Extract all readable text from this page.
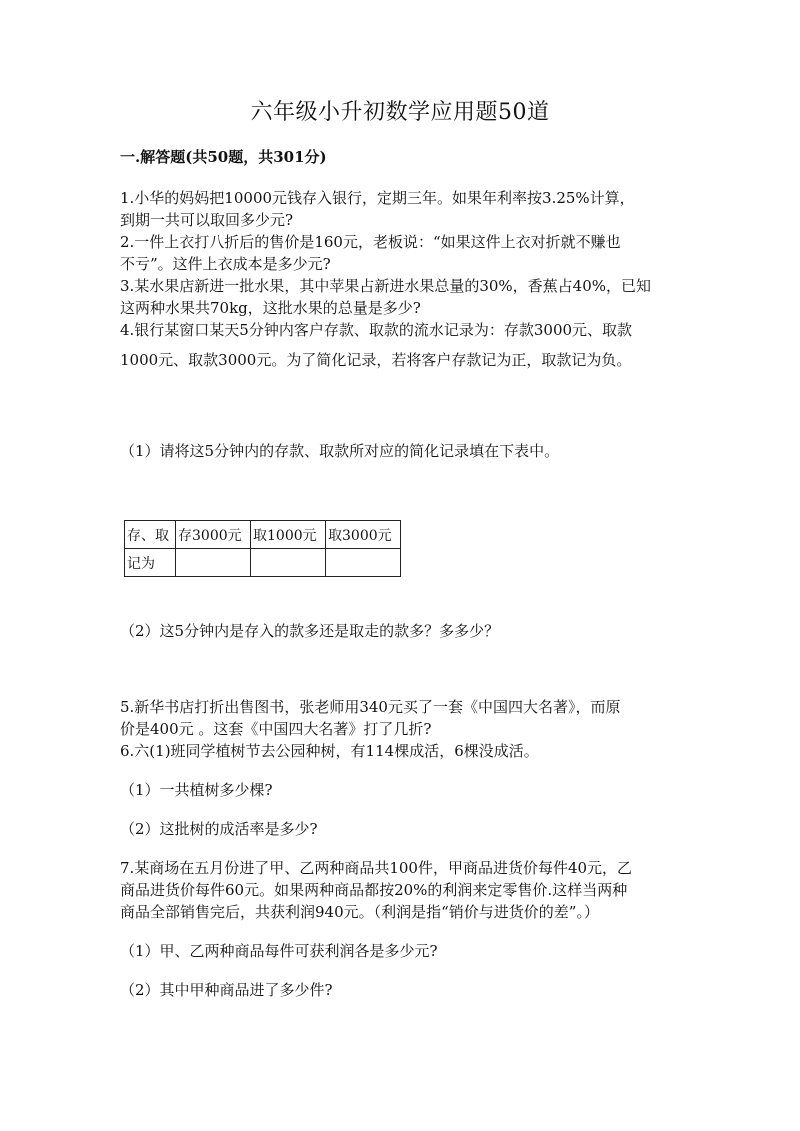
六年级小升初数学应用题50道
一.解答题(共50题，共301分)
1.小华的妈妈把10000元钱存入银行，定期三年。如果年利率按3.25%计算，
到期一共可以取回多少元?
2.一件上衣打八折后的售价是160元，老板说：“如果这件上衣对折就不赚也
不亏”。这件上衣成本是多少元?
3.某水果店新进一批水果，其中苹果占新进水果总量的30%，香蕉占40%，已知
这两种水果共70kg，这批水果的总量是多少?
4.银行某窗口某天5分钟内客户存款、取款的流水记录为：存款3000元、取款
1000元、取款3000元。为了简化记录，若将客户存款记为正，取款记为负。
（1）请将这5分钟内的存款、取款所对应的简化记录填在下表中。
存、取	存3000元	取1000元	取3000元
记为			
（2）这5分钟内是存入的款多还是取走的款多？多多少？
5.新华书店打折出售图书，张老师用340元买了一套《中国四大名著》，而原
价是400元 。这套《中国四大名著》打了几折?
6.六(1)班同学植树节去公园种树，有114棵成活，6棵没成活。
（1）一共植树多少棵?
（2）这批树的成活率是多少?
7.某商场在五月份进了甲、乙两种商品共100件，甲商品进货价每件40元，乙
商品进货价每件60元。如果两种商品都按20%的利润来定零售价.这样当两种
商品全部销售完后，共获利润940元。（利润是指“销价与进货价的差”。）
（1）甲、乙两种商品每件可获利润各是多少元?
（2）其中甲种商品进了多少件?
